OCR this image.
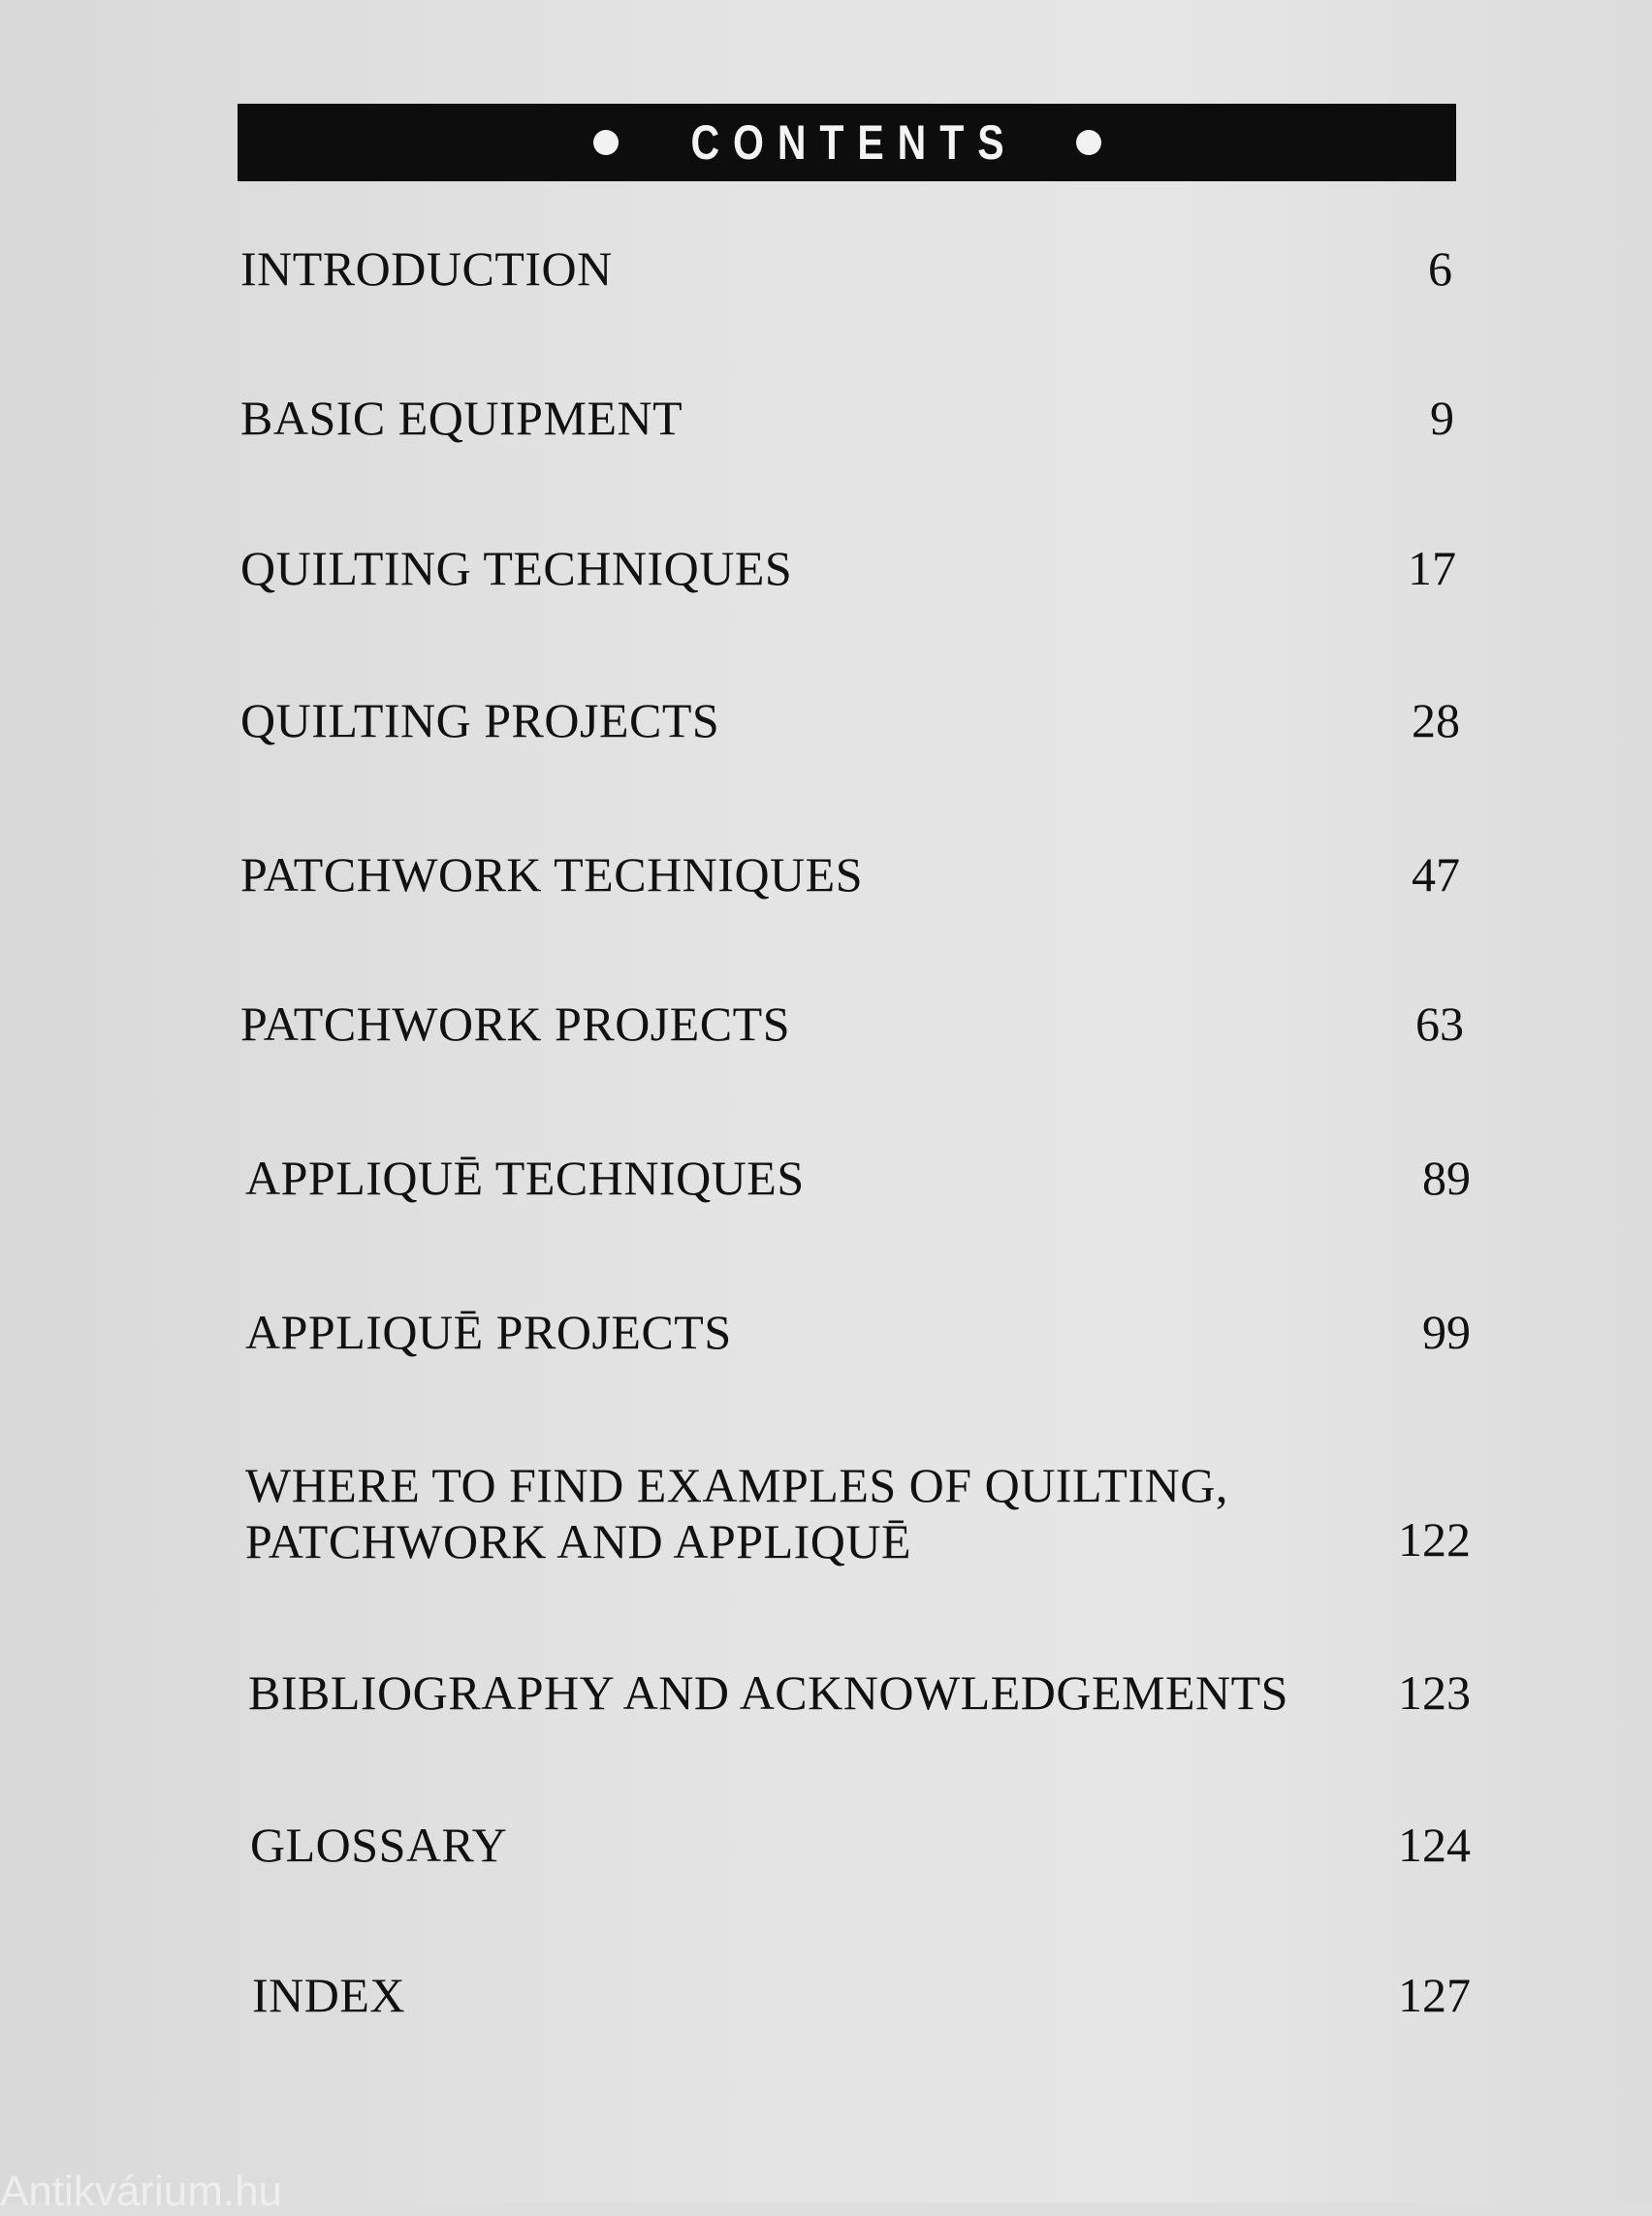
CONTENTS
INTRODUCTION	6
BASIC EQUIPMENT	9
QUILTING TECHNIQUES	17
QUILTING PROJECTS	28
PATCHWORK TECHNIQUES	47
PATCHWORK PROJECTS	63
APPLIQUĒ TECHNIQUES	89
APPLIQUĒ PROJECTS	99
WHERE TO FIND EXAMPLES OF QUILTING,
PATCHWORK AND APPLIQUĒ	122
BIBLIOGRAPHY AND ACKNOWLEDGEMENTS 123
GLOSSARY	124
INDEX	127
Antikvárium.hu
